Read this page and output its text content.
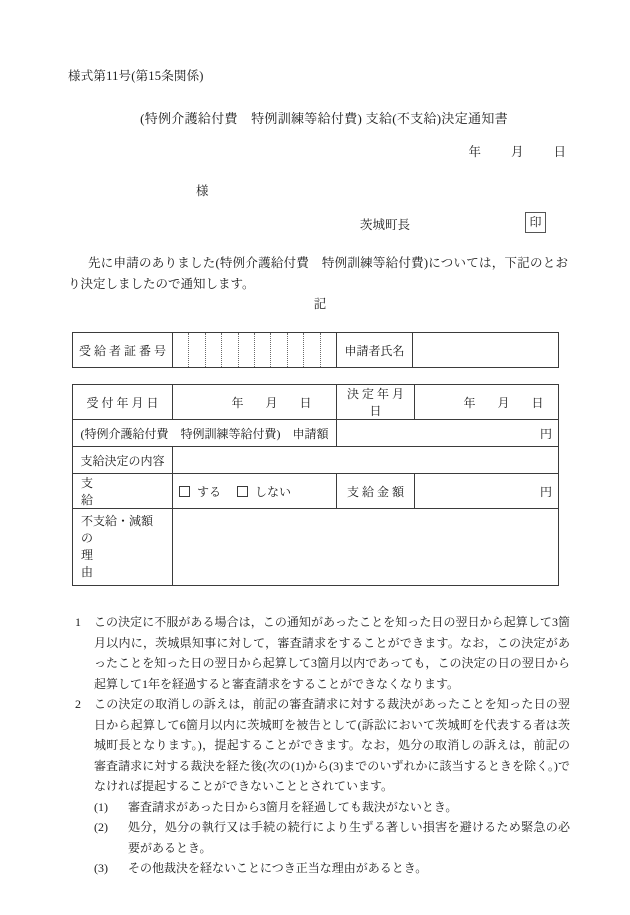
様式第11号(第15条関係)
(特例介護給付費　特例訓練等給付費) 支給(不支給)決定通知書
年 月 日
様
茨城町長	印
先に申請のありました(特例介護給付費　特例訓練等給付費)については，下記のとおり決定しましたので通知します。
記
受 給 者 証 番 号		申請者氏名	
受 付 年 月 日	年 月 日	決 定 年 月 日	年 月 日
(特例介護給付費　特例訓練等給付費)　申請額		円	
支給決定の内容			

支　　　　　　　給	する しない	支 給 金 額	円

不支給・減額の
理　　　　　　由			

1	この決定に不服がある場合は，この通知があったことを知った日の翌日から起算して3箇月以内に，茨城県知事に対して，審査請求をすることができます。なお，この決定があったことを知った日の翌日から起算して3箇月以内であっても，この決定の日の翌日から起算して1年を経過すると審査請求をすることができなくなります。
2	この決定の取消しの訴えは，前記の審査請求に対する裁決があったことを知った日の翌日から起算して6箇月以内に茨城町を被告として(訴訟において茨城町を代表する者は茨城町長となります。)，提起することができます。なお，処分の取消しの訴えは，前記の審査請求に対する裁決を経た後(次の(1)から(3)までのいずれかに該当するときを除く。)でなければ提起することができないこととされています。
(1)	審査請求があった日から3箇月を経過しても裁決がないとき。
(2)	処分，処分の執行又は手続の続行により生ずる著しい損害を避けるため緊急の必要があるとき。
(3)	その他裁決を経ないことにつき正当な理由があるとき。
